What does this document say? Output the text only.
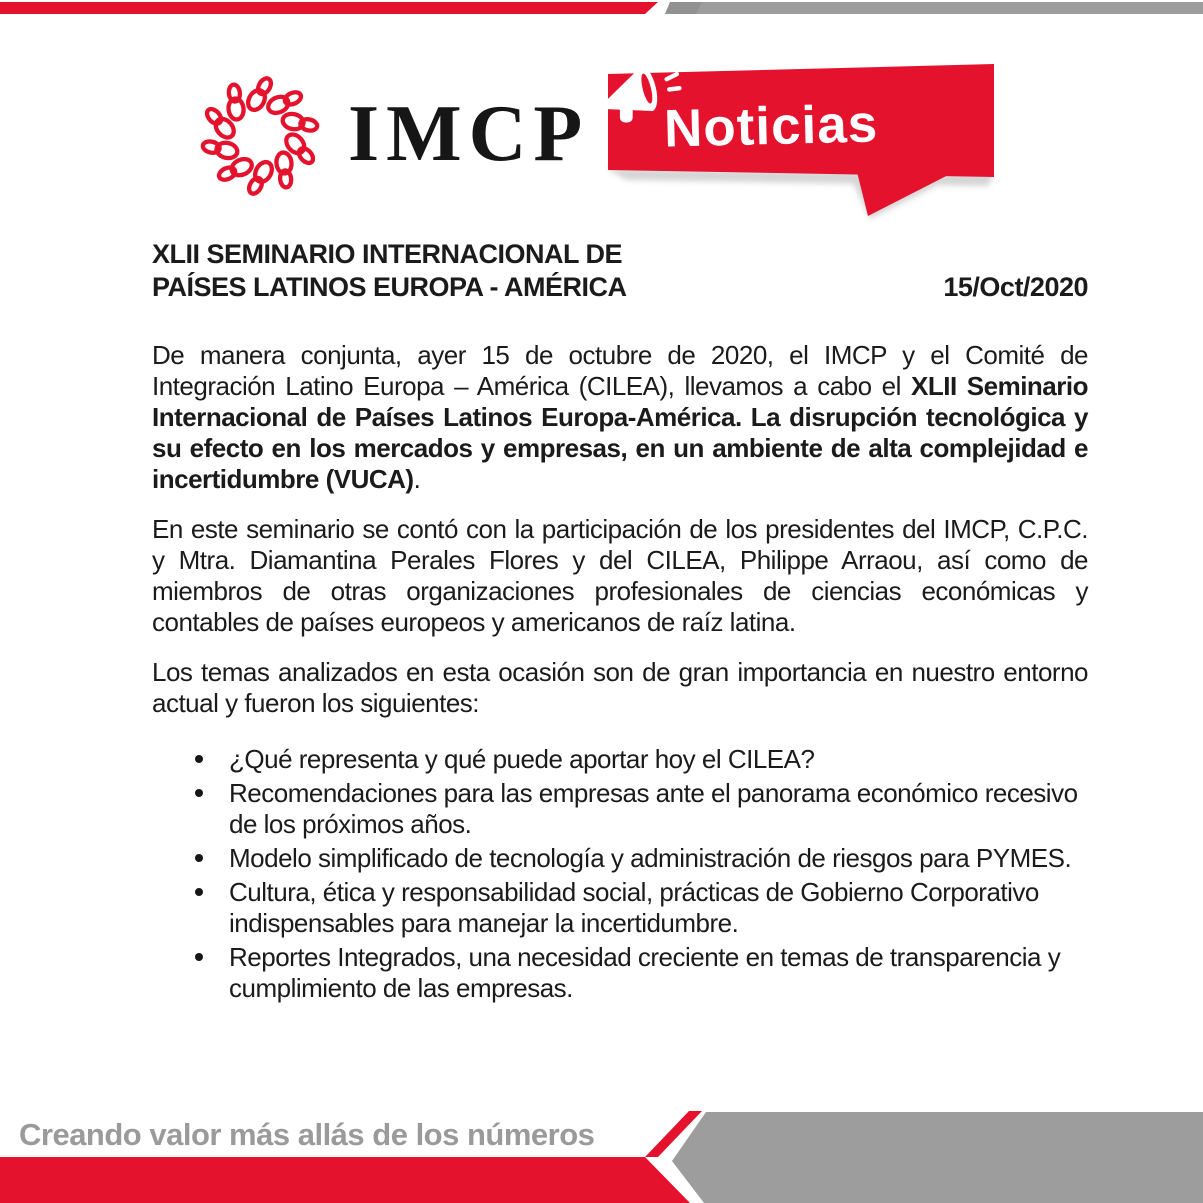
IMCP Noticias
XLII SEMINARIO INTERNACIONAL DE
PAÍSES LATINOS EUROPA - AMÉRICA	15/Oct/2020

De manera conjunta, ayer 15 de octubre de 2020, el IMCP y el Comité de Integración Latino Europa – América (CILEA), llevamos a cabo el XLII Seminario Internacional de Países Latinos Europa-América. La disrupción tecnológica y su efecto en los mercados y empresas, en un ambiente de alta complejidad e incertidumbre (VUCA).

En este seminario se contó con la participación de los presidentes del IMCP, C.P.C. y Mtra. Diamantina Perales Flores y del CILEA, Philippe Arraou, así como de miembros de otras organizaciones profesionales de ciencias económicas y contables de países europeos y americanos de raíz latina.

Los temas analizados en esta ocasión son de gran importancia en nuestro entorno actual y fueron los siguientes:

¿Qué representa y qué puede aportar hoy el CILEA?
Recomendaciones para las empresas ante el panorama económico recesivo de los próximos años.
Modelo simplificado de tecnología y administración de riesgos para PYMES.
Cultura, ética y responsabilidad social, prácticas de Gobierno Corporativo indispensables para manejar la incertidumbre.
Reportes Integrados, una necesidad creciente en temas de transparencia y cumplimiento de las empresas.
Creando valor más allás de los números
